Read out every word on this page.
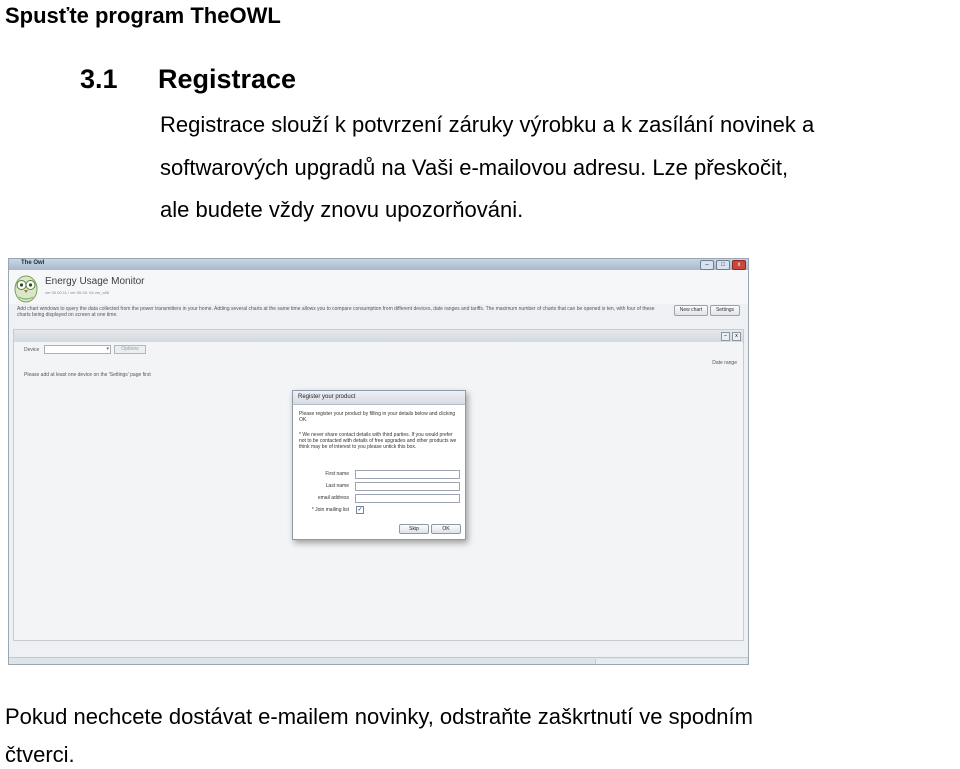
Spusťte program TheOWL
3.1 Registrace
Registrace slouží k potvrzení záruky výrobku a k zasílání novinek a
softwarových upgradů na Vaši e-mailovou adresu. Lze přeskočit,
ale budete vždy znovu upozorňováni.
The Owl	–	□	x
Energy Usage Monitor
ver 00.00.11 / ver 00.00. 04 ver_x86
Add chart windows to query the data collected from the power transmitters in your home. Adding several charts at the same time allows you to compare consumption from different devices, date ranges and tariffs. The maximum number of charts that can be opened is ten, with four of these charts being displayed on screen at one time.
New chart	Settings
–	x
Device	▾	Options
Date range
Please add at least one device on the 'Settings' page first
Register your product
Please register your product by filling in your details below and clicking OK.
* We never share contact details with third parties. If you would prefer not to be contacted with details of free upgrades and other products we think may be of interest to you please untick this box.
First name
Last name
email address
* Join mailing list ✓
Skip	OK
Pokud nechcete dostávat e-mailem novinky, odstraňte zaškrtnutí ve spodním
čtverci.
